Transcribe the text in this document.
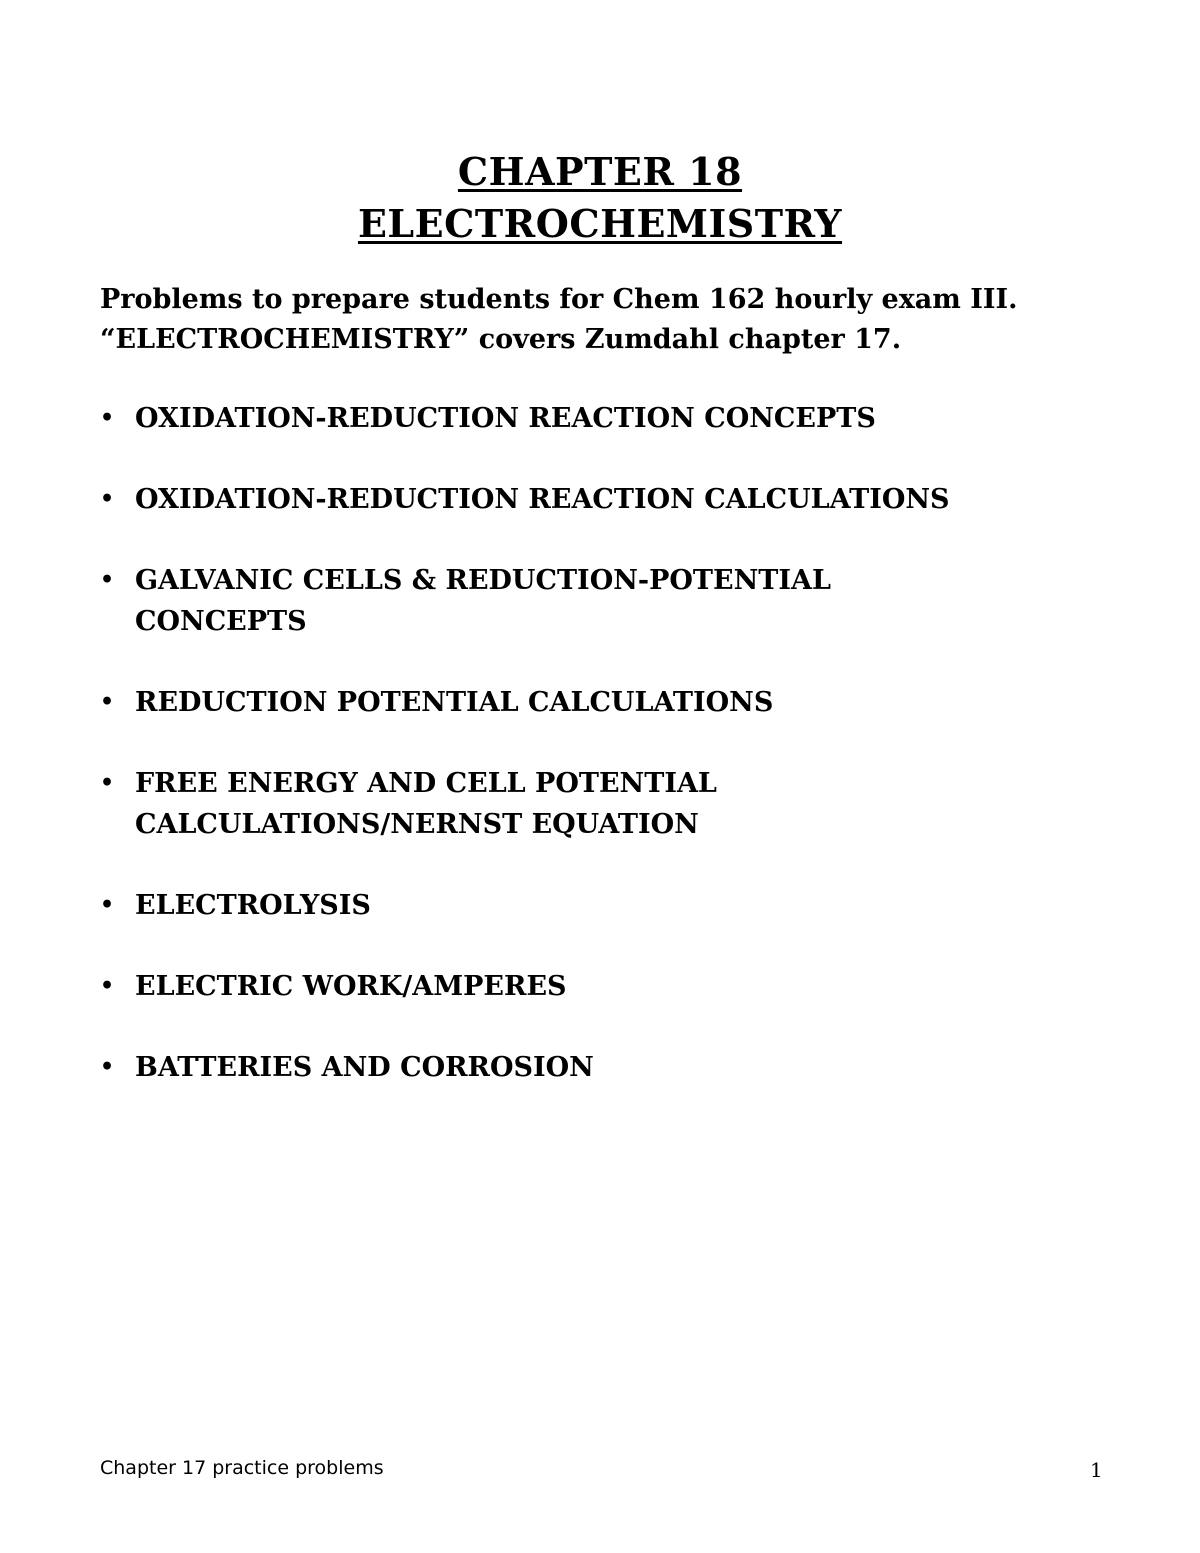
CHAPTER 18
ELECTROCHEMISTRY

Problems to prepare students for Chem 162 hourly exam III.

“ELECTROCHEMISTRY” covers Zumdahl chapter 17.

• OXIDATION-REDUCTION REACTION CONCEPTS
• OXIDATION-REDUCTION REACTION CALCULATIONS
• GALVANIC CELLS & REDUCTION-POTENTIAL
CONCEPTS
• REDUCTION POTENTIAL CALCULATIONS
• FREE ENERGY AND CELL POTENTIAL
CALCULATIONS/NERNST EQUATION
• ELECTROLYSIS
• ELECTRIC WORK/AMPERES
• BATTERIES AND CORROSION
Chapter 17 practice problems	1
